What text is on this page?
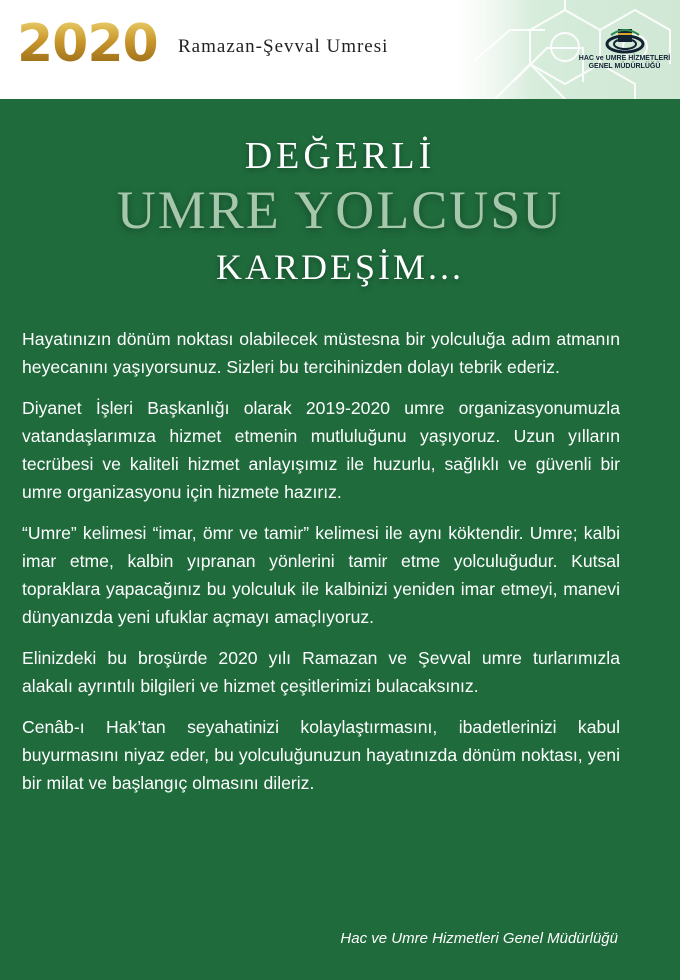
2020 Ramazan-Şevval Umresi
HAC ve UMRE HİZMETLERİ
GENEL MÜDÜRLÜĞÜ
DEĞERLİ
UMRE YOLCUSU
KARDEŞİM...

Hayatınızın dönüm noktası olabilecek müstesna bir yolculuğa adım atmanın heyecanını yaşıyorsunuz. Sizleri bu tercihinizden dolayı tebrik ederiz.

Diyanet İşleri Başkanlığı olarak 2019-2020 umre organizasyonumuzla vatandaşlarımıza hizmet etmenin mutluluğunu yaşıyoruz. Uzun yılların tecrübesi ve kaliteli hizmet anlayışımız ile huzurlu, sağlıklı ve güvenli bir umre organizasyonu için hizmete hazırız.

“Umre” kelimesi “imar, ömr ve tamir” kelimesi ile aynı köktendir. Umre; kalbi imar etme, kalbin yıpranan yönlerini tamir etme yolculuğudur. Kutsal topraklara yapacağınız bu yolculuk ile kalbinizi yeniden imar etmeyi, manevi dünyanızda yeni ufuklar açmayı amaçlıyoruz.

Elinizdeki bu broşürde 2020 yılı Ramazan ve Şevval umre turlarımızla alakalı ayrıntılı bilgileri ve hizmet çeşitlerimizi bulacaksınız.

Cenâb-ı Hak’tan seyahatinizi kolaylaştırmasını, ibadetlerinizi kabul buyurmasını niyaz eder, bu yolculuğunuzun hayatınızda dönüm noktası, yeni bir milat ve başlangıç olmasını dileriz.

Hac ve Umre Hizmetleri Genel Müdürlüğü
